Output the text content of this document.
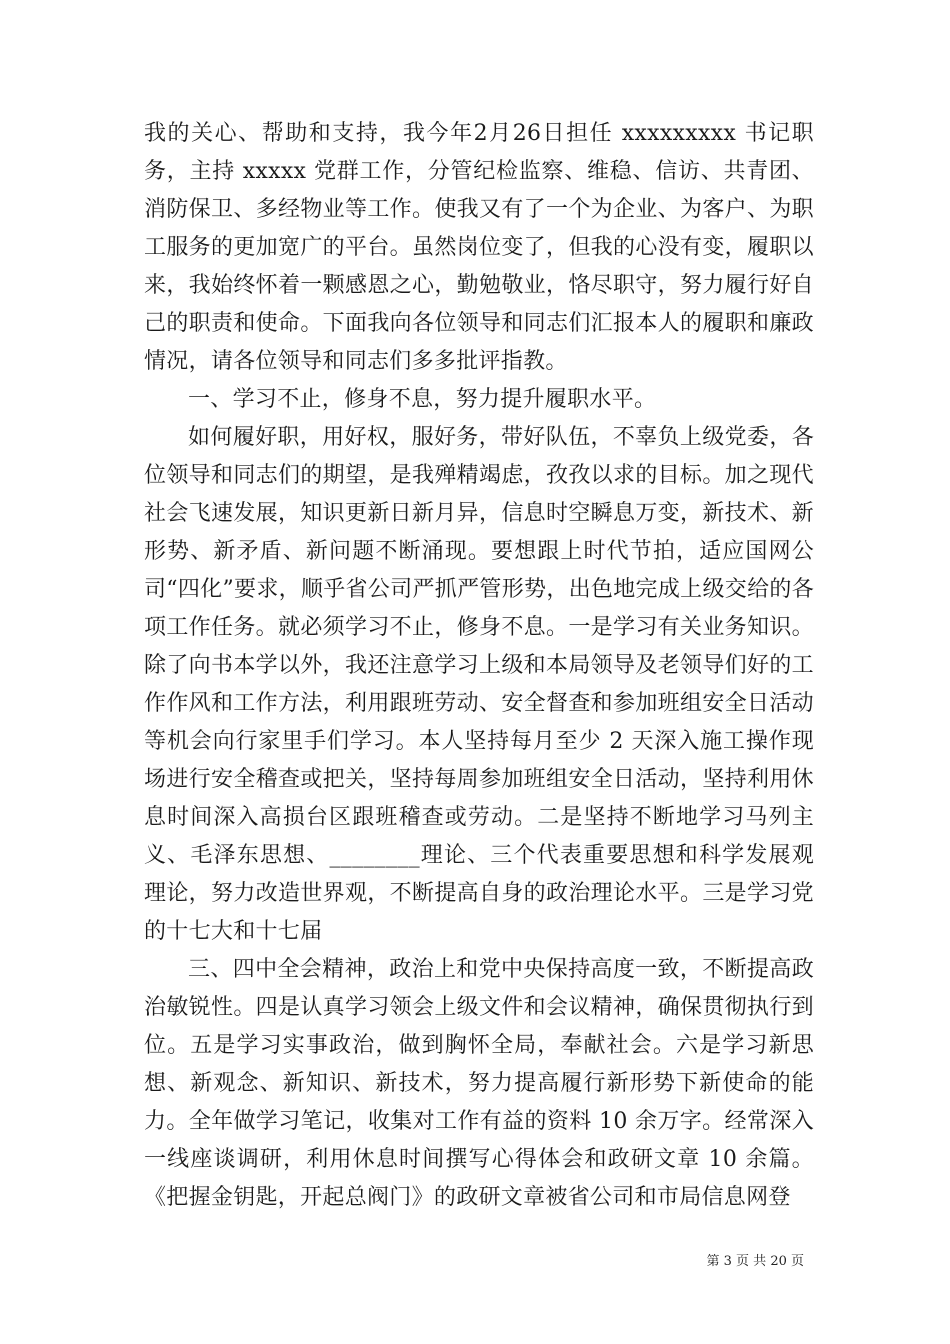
我的关心、帮助和支持，我今年2月26日担任 xxxxxxxxx 书记职务，主持 xxxxx 党群工作，分管纪检监察、维稳、信访、共青团、消防保卫、多经物业等工作。使我又有了一个为企业、为客户、为职工服务的更加宽广的平台。虽然岗位变了，但我的心没有变，履职以来，我始终怀着一颗感恩之心，勤勉敬业，恪尽职守，努力履行好自己的职责和使命。下面我向各位领导和同志们汇报本人的履职和廉政情况，请各位领导和同志们多多批评指教。

一、学习不止，修身不息，努力提升履职水平。

如何履好职，用好权，服好务，带好队伍，不辜负上级党委，各位领导和同志们的期望，是我殚精竭虑，孜孜以求的目标。加之现代社会飞速发展，知识更新日新月异，信息时空瞬息万变，新技术、新形势、新矛盾、新问题不断涌现。要想跟上时代节拍，适应国网公司“四化”要求，顺乎省公司严抓严管形势，出色地完成上级交给的各项工作任务。就必须学习不止，修身不息。一是学习有关业务知识。除了向书本学以外，我还注意学习上级和本局领导及老领导们好的工作作风和工作方法，利用跟班劳动、安全督查和参加班组安全日活动等机会向行家里手们学习。本人坚持每月至少 2 天深入施工操作现场进行安全稽查或把关，坚持每周参加班组安全日活动，坚持利用休息时间深入高损台区跟班稽查或劳动。二是坚持不断地学习马列主义、毛泽东思想、________理论、三个代表重要思想和科学发展观理论，努力改造世界观，不断提高自身的政治理论水平。三是学习党的十七大和十七届

三、四中全会精神，政治上和党中央保持高度一致，不断提高政治敏锐性。四是认真学习领会上级文件和会议精神，确保贯彻执行到位。五是学习实事政治，做到胸怀全局，奉献社会。六是学习新思想、新观念、新知识、新技术，努力提高履行新形势下新使命的能力。全年做学习笔记，收集对工作有益的资料 10 余万字。经常深入一线座谈调研，利用休息时间撰写心得体会和政研文章 10 余篇。《把握金钥匙，开起总阀门》的政研文章被省公司和市局信息网登

第 3 页 共 20 页
